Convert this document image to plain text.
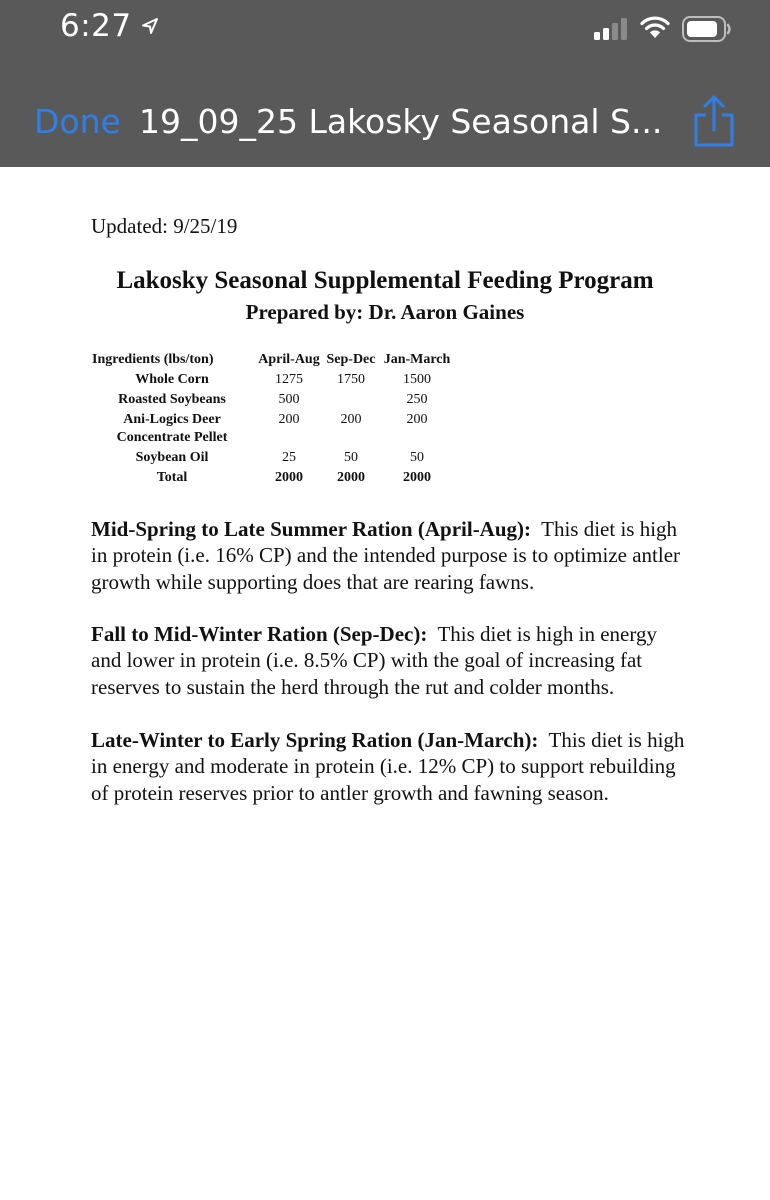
6:27
Done 19_09_25 Lakosky Seasonal S...
Updated: 9/25/19
Lakosky Seasonal Supplemental Feeding Program
Prepared by: Dr. Aaron Gaines
Ingredients (lbs/ton)	April-Aug	Sep-Dec	Jan-March
Whole Corn	1275	1750	1500
Roasted Soybeans	500		250
Ani-Logics Deer
Concentrate Pellet	200	200	200
Soybean Oil	25	50	50
Total	2000	2000	2000
Mid-Spring to Late Summer Ration (April-Aug): This diet is high in protein (i.e. 16% CP) and the intended purpose is to optimize antler growth while supporting does that are rearing fawns.
Fall to Mid-Winter Ration (Sep-Dec): This diet is high in energy and lower in protein (i.e. 8.5% CP) with the goal of increasing fat reserves to sustain the herd through the rut and colder months.
Late-Winter to Early Spring Ration (Jan-March): This diet is high in energy and moderate in protein (i.e. 12% CP) to support rebuilding of protein reserves prior to antler growth and fawning season.
